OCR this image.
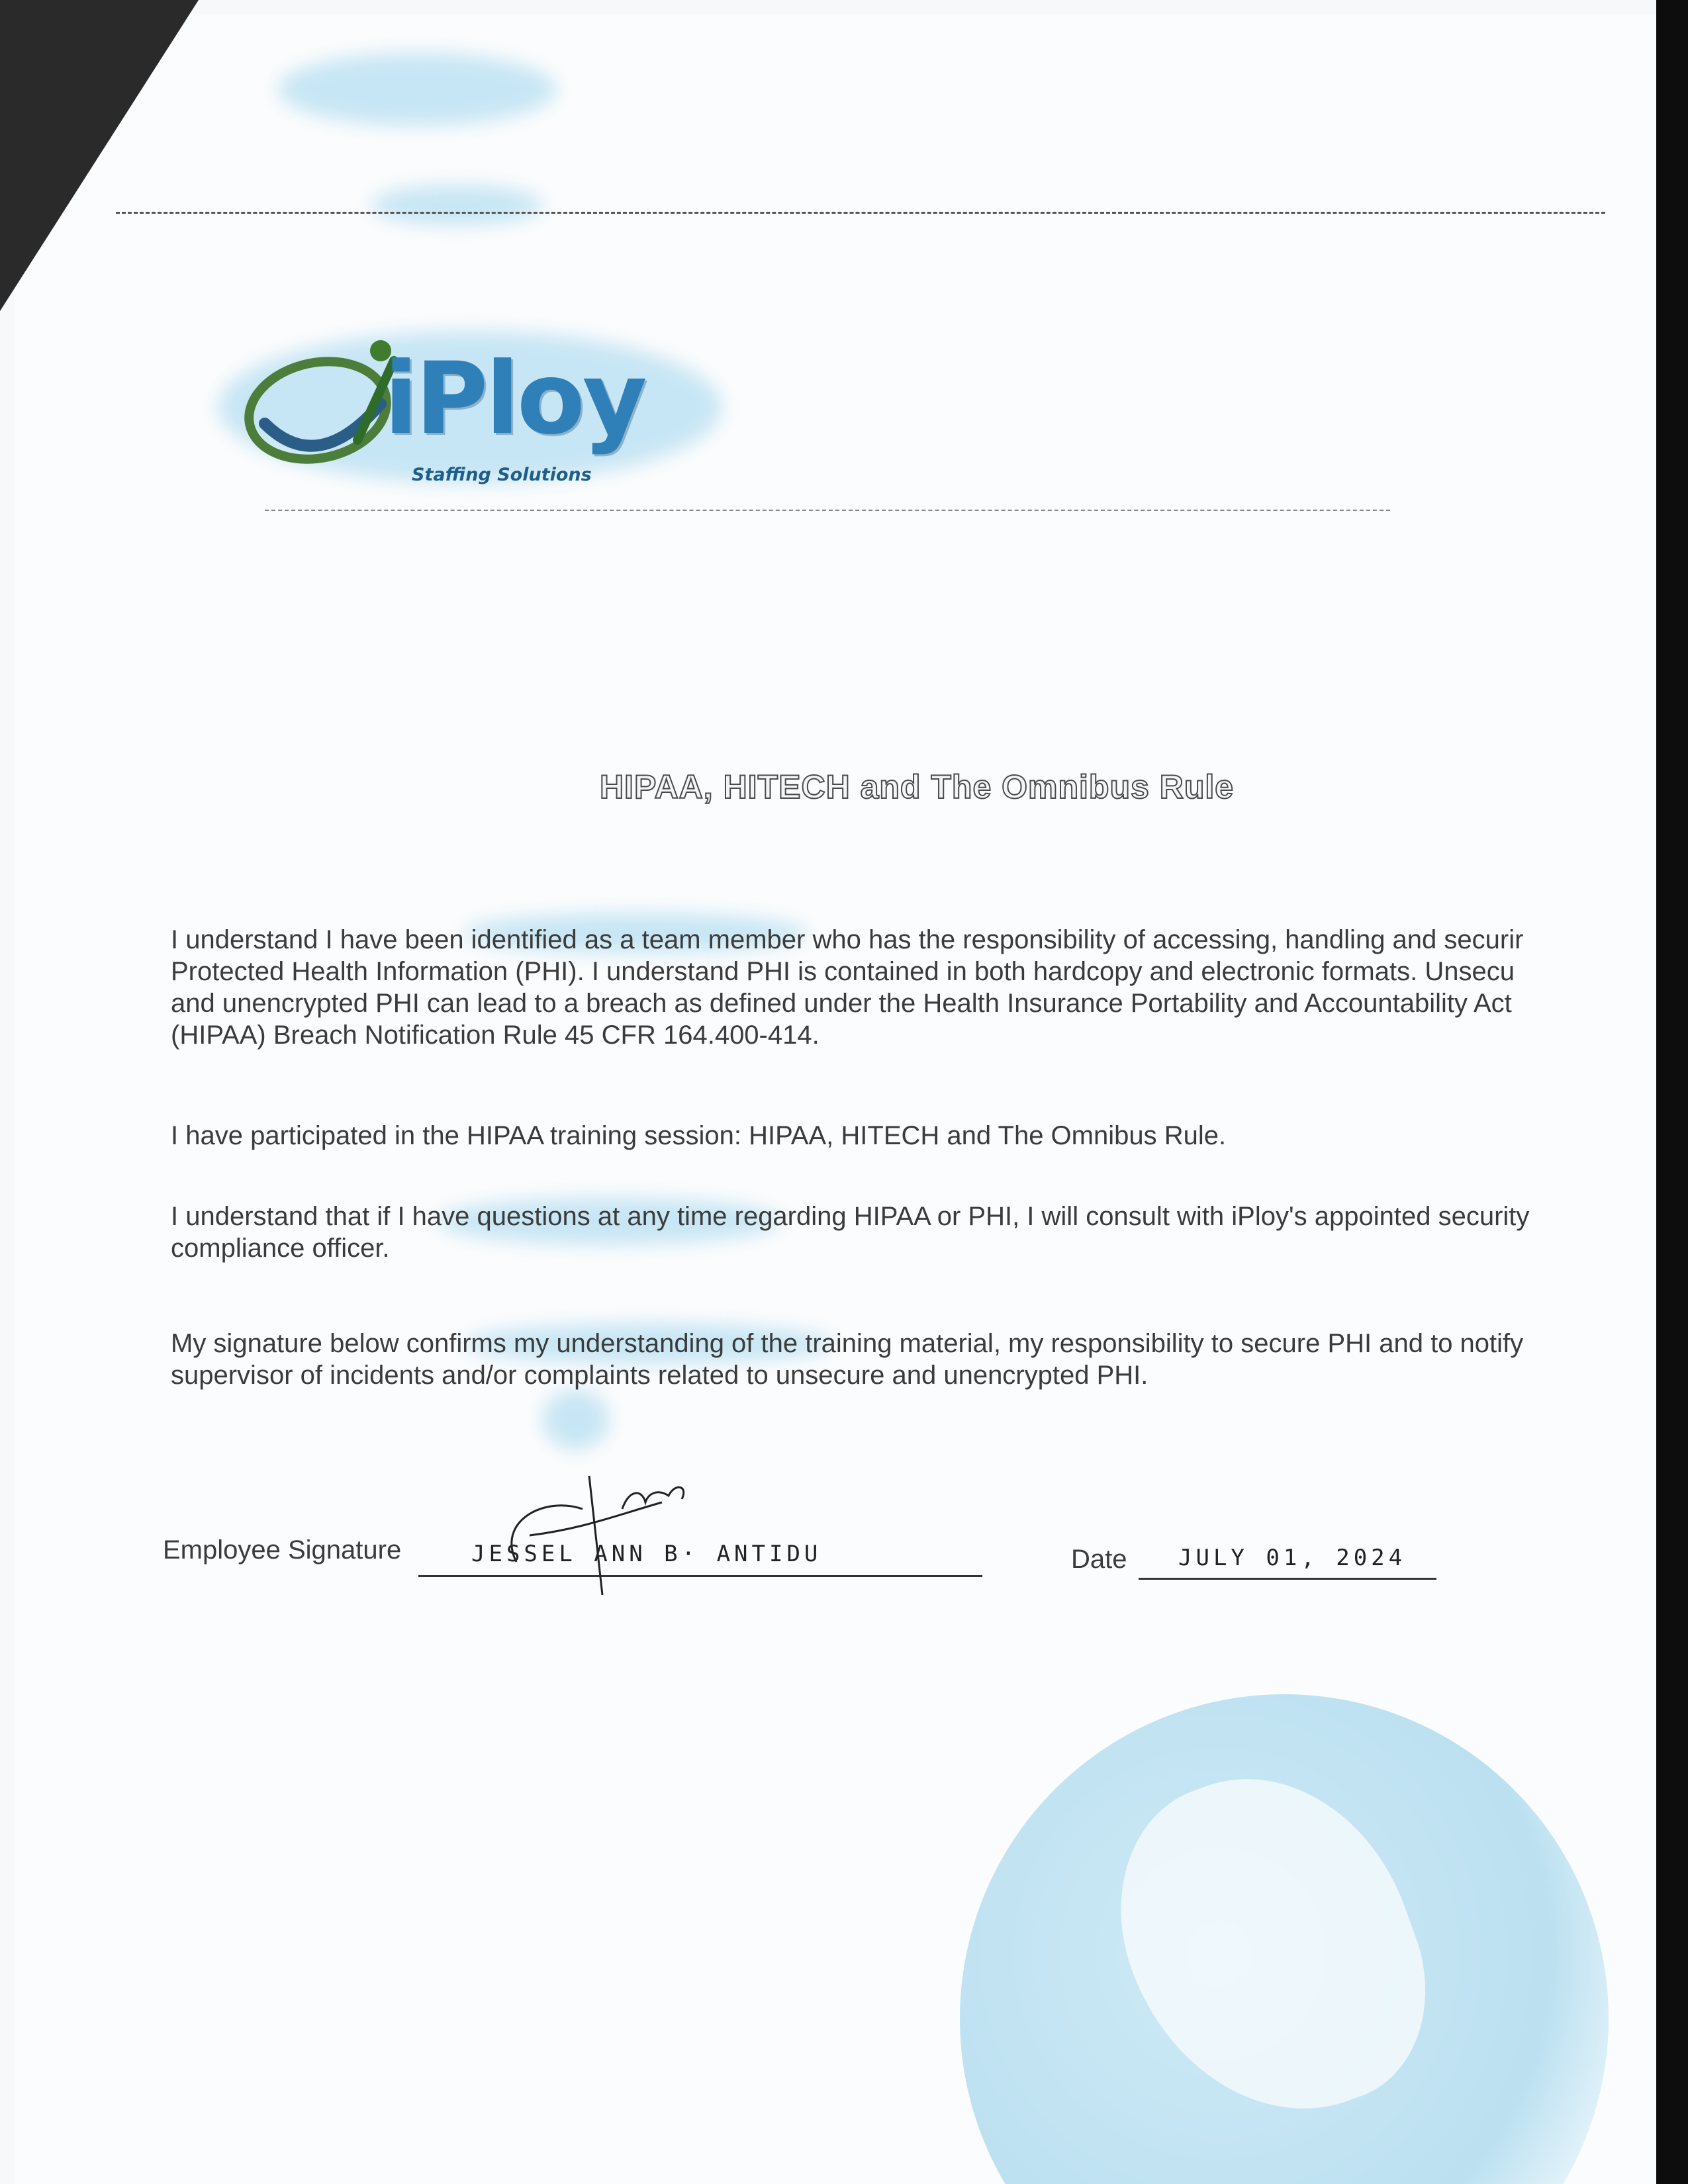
iPloy
Staffing Solutions
HIPAA, HITECH and The Omnibus Rule
I understand I have been identified as a team member who has the responsibility of accessing, handling and securir
Protected Health Information (PHI). I understand PHI is contained in both hardcopy and electronic formats. Unsecu
and unencrypted PHI can lead to a breach as defined under the Health Insurance Portability and Accountability Act
(HIPAA) Breach Notification Rule 45 CFR 164.400-414.
I have participated in the HIPAA training session: HIPAA, HITECH and The Omnibus Rule.
I understand that if I have questions at any time regarding HIPAA or PHI, I will consult with iPloy's appointed security
compliance officer.
My signature below confirms my understanding of the training material, my responsibility to secure PHI and to notify
supervisor of incidents and/or complaints related to unsecure and unencrypted PHI.
Employee Signature	JESSEL ANN B· ANTIDU	Date JULY 01, 2024
